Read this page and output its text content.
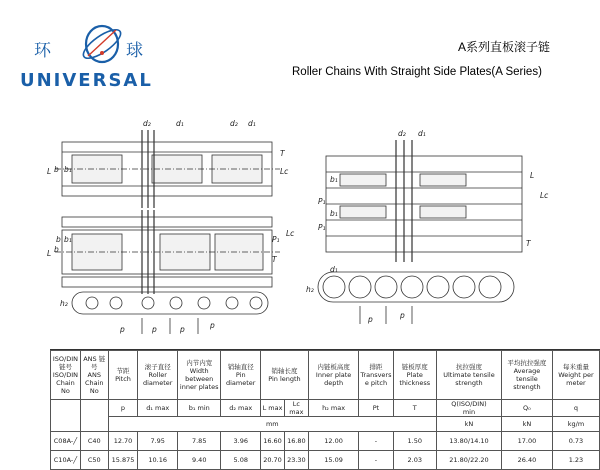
环	球
UNIVERSAL
A系列直板滚子链
Roller Chains With Straight Side Plates(A Series)
d₂	d₁	d₂ d₁
L b b₁	Lc
T
b
L
b b₁	P₁
Lc
T
h₂
p	p	p
p
d₂ d₁
P₁
P₁
L
Lc
b₁
b₁
T
h₂
d₁
p	p
ISO/DIN 链号
ISO/DIN Chain No	ANS 链号
ANS Chain No	节距
Pitch	滚子直径
Roller diameter	内节内宽
Width between inner plates	销轴直径
Pin diameter	销轴长度
Pin length		内链板高度
Inner plate depth	排距
Transvers e pitch	链板厚度
Plate thickness	抗拉强度
Ultimate tensile strength	平均抗拉强度
Average tensile strength	每米重量
Weight per meter
		p	d₁ max	b₁ min	d₂ max	L max	Lc max	h₂ max	Pt	T	Q(ISO/DIN)
min	Q₀	q
		mm									kN	kN	kg/m
C08A-╱	C40	12.70	7.95	7.85	3.96	16.60	16.80	12.00	-	1.50	13.80/14.10	17.00	0.73
C10A-╱	C50	15.875	10.16	9.40	5.08	20.70	23.30	15.09	-	2.03	21.80/22.20	26.40	1.23
